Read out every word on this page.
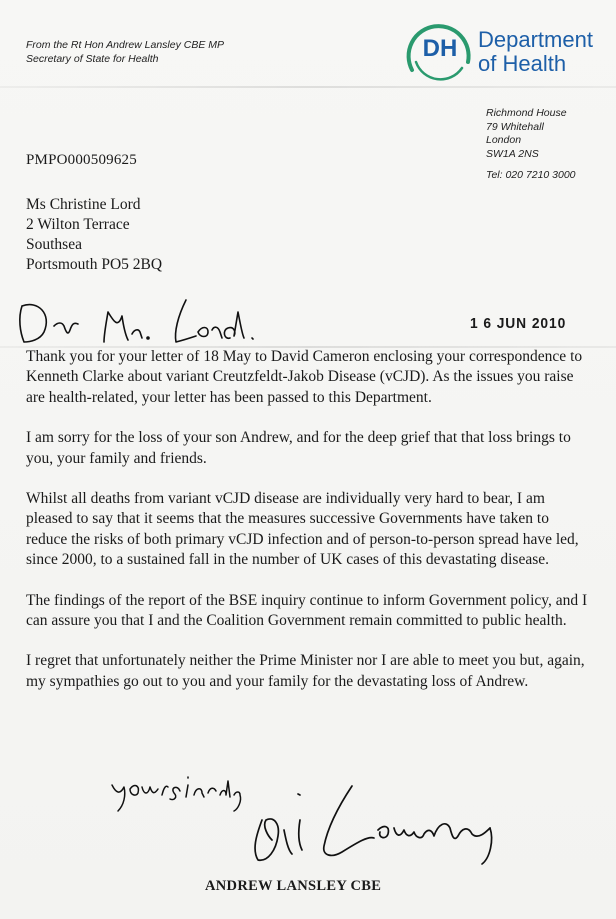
From the Rt Hon Andrew Lansley CBE MP
Secretary of State for Health	DH Department
of Health
Richmond House
79 Whitehall
London
SW1A 2NS
Tel: 020 7210 3000
PMPO000509625
Ms Christine Lord
2 Wilton Terrace
Southsea
Portsmouth PO5 2BQ
Dear Ms. Lord.
1 6 JUN 2010

Thank you for your letter of 18 May to David Cameron enclosing your correspondence to Kenneth Clarke about variant Creutzfeldt-Jakob Disease (vCJD). As the issues you raise are health-related, your letter has been passed to this Department.

I am sorry for the loss of your son Andrew, and for the deep grief that that loss brings to you, your family and friends.

Whilst all deaths from variant vCJD disease are individually very hard to bear, I am pleased to say that it seems that the measures successive Governments have taken to reduce the risks of both primary vCJD infection and of person-to-person spread have led, since 2000, to a sustained fall in the number of UK cases of this devastating disease.

The findings of the report of the BSE inquiry continue to inform Government policy, and I can assure you that I and the Coalition Government remain committed to public health.

I regret that unfortunately neither the Prime Minister nor I are able to meet you but, again, my sympathies go out to you and your family for the devastating loss of Andrew.

Yours sincerely
Andrew Lansley
ANDREW LANSLEY CBE
